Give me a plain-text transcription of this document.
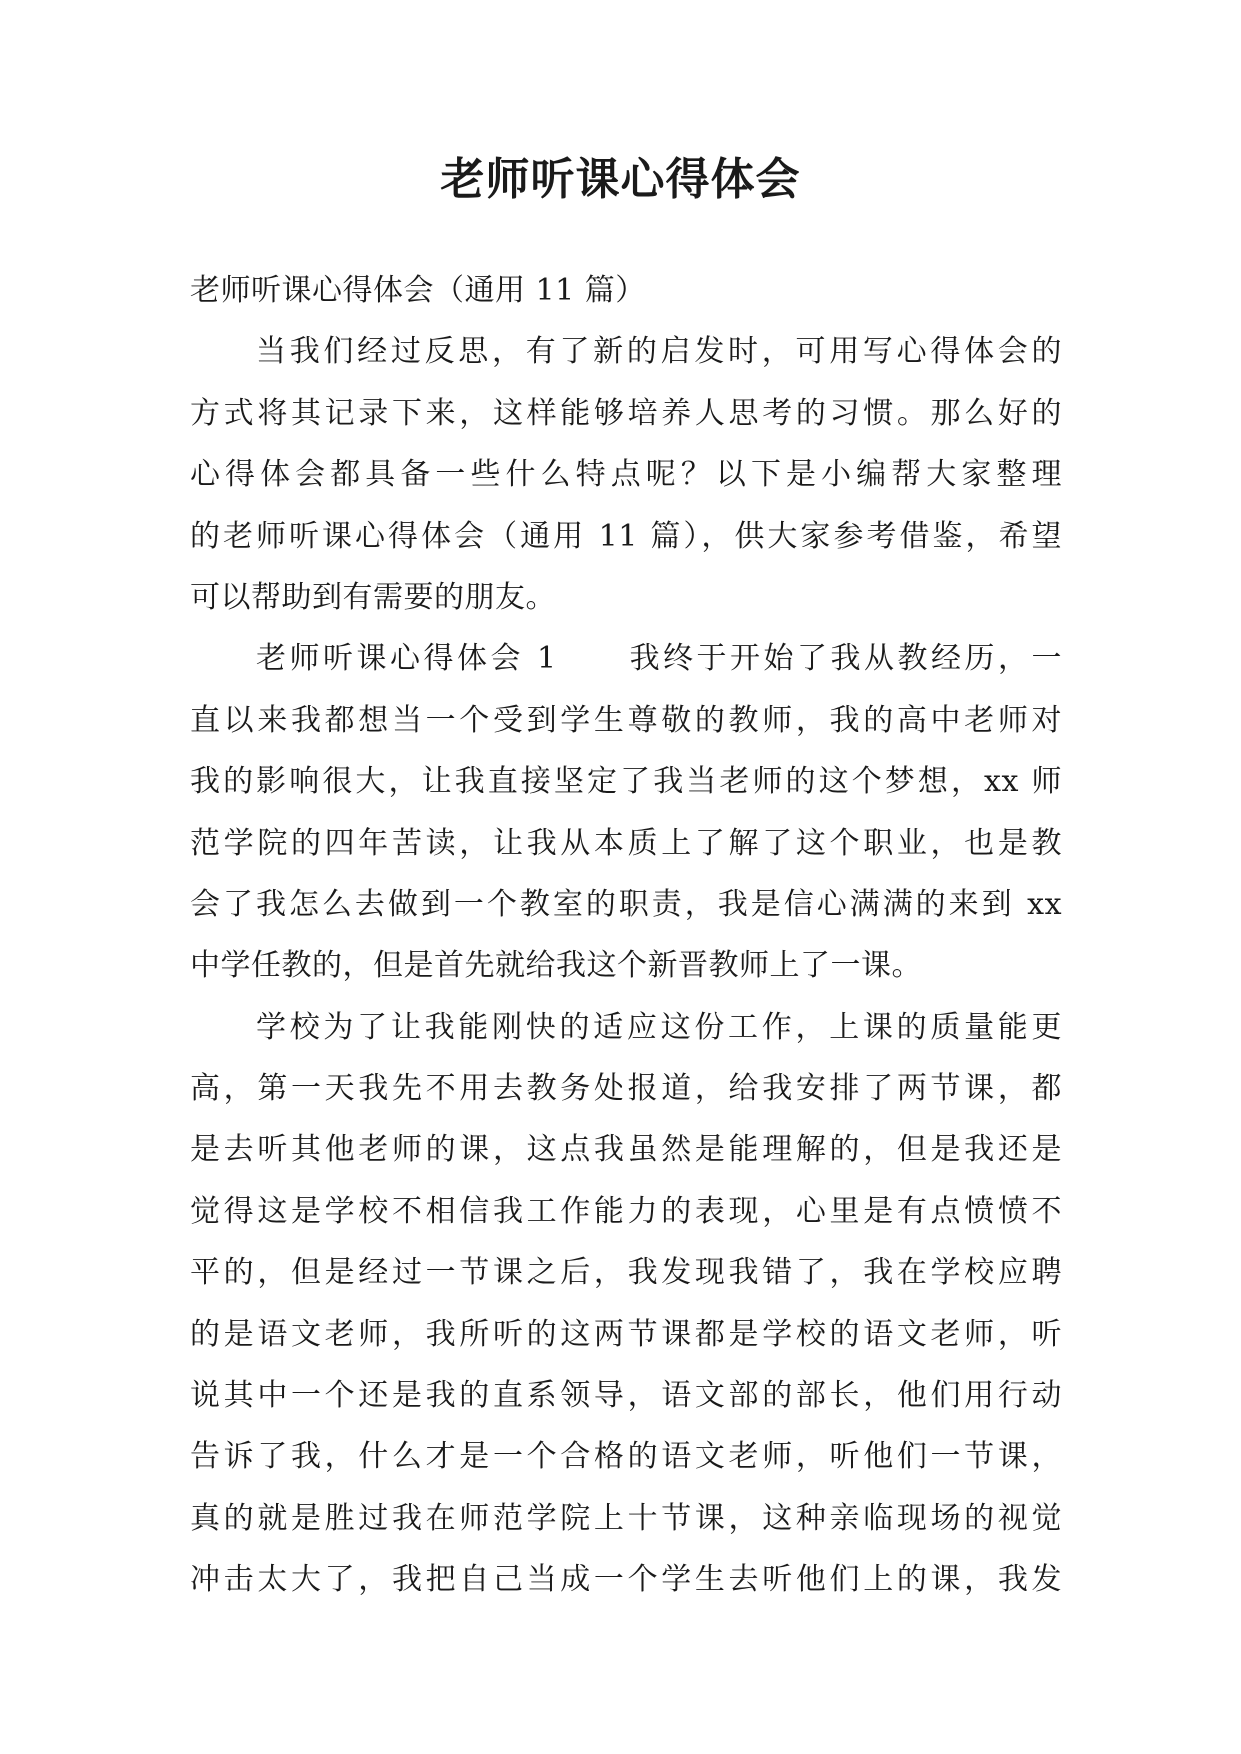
老师听课心得体会
老师听课心得体会（通用 11 篇）
当我们经过反思，有了新的启发时，可用写心得体会的
方式将其记录下来，这样能够培养人思考的习惯。那么好的
心得体会都具备一些什么特点呢？以下是小编帮大家整理
的老师听课心得体会（通用 11 篇），供大家参考借鉴，希望
可以帮助到有需要的朋友。
老师听课心得体会 1 我终于开始了我从教经历，一
直以来我都想当一个受到学生尊敬的教师，我的高中老师对
我的影响很大，让我直接坚定了我当老师的这个梦想，xx 师
范学院的四年苦读，让我从本质上了解了这个职业，也是教
会了我怎么去做到一个教室的职责，我是信心满满的来到 xx
中学任教的，但是首先就给我这个新晋教师上了一课。
学校为了让我能刚快的适应这份工作，上课的质量能更
高，第一天我先不用去教务处报道，给我安排了两节课，都
是去听其他老师的课，这点我虽然是能理解的，但是我还是
觉得这是学校不相信我工作能力的表现，心里是有点愤愤不
平的，但是经过一节课之后，我发现我错了，我在学校应聘
的是语文老师，我所听的这两节课都是学校的语文老师，听
说其中一个还是我的直系领导，语文部的部长，他们用行动
告诉了我，什么才是一个合格的语文老师，听他们一节课，
真的就是胜过我在师范学院上十节课，这种亲临现场的视觉
冲击太大了，我把自己当成一个学生去听他们上的课，我发
